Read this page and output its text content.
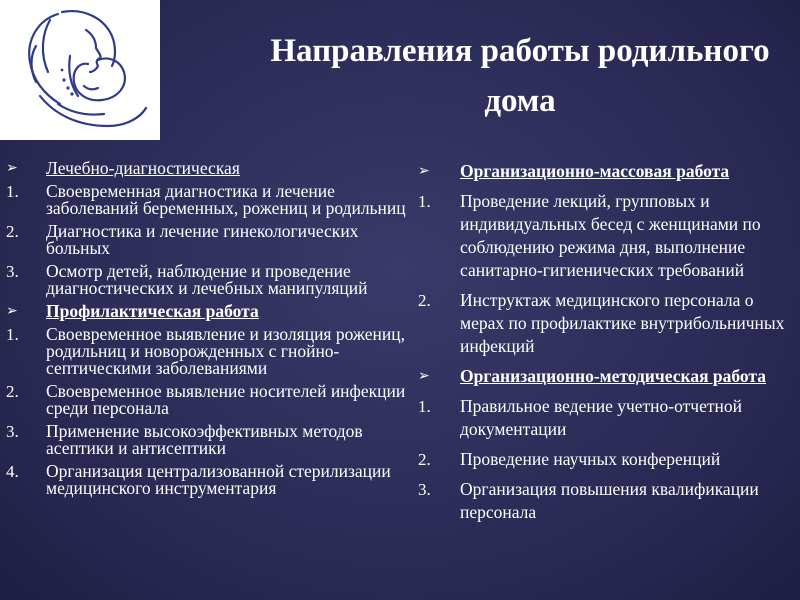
Направления работы родильного дома
➢ Лечебно-диагностическая
1. Своевременная диагностика и лечение заболеваний беременных, рожениц и родильниц
2. Диагностика и лечение гинекологических больных
3. Осмотр детей, наблюдение и проведение диагностических и лечебных манипуляций
➢ Профилактическая работа
1. Своевременное выявление и изоляция рожениц, родильниц и новорожденных с гнойно-септическими заболеваниями
2. Своевременное выявление носителей инфекции среди персонала
3. Применение высокоэффективных методов асептики и антисептики
4. Организация централизованной стерилизации медицинского инструментария
➢ Организационно-массовая работа
1. Проведение лекций, групповых и индивидуальных бесед с женщинами по соблюдению режима дня, выполнение санитарно-гигиенических требований
2. Инструктаж медицинского персонала о мерах по профилактике внутрибольничных инфекций
➢ Организационно-методическая работа
1. Правильное ведение учетно-отчетной документации
2. Проведение научных конференций
3. Организация повышения квалификации персонала
